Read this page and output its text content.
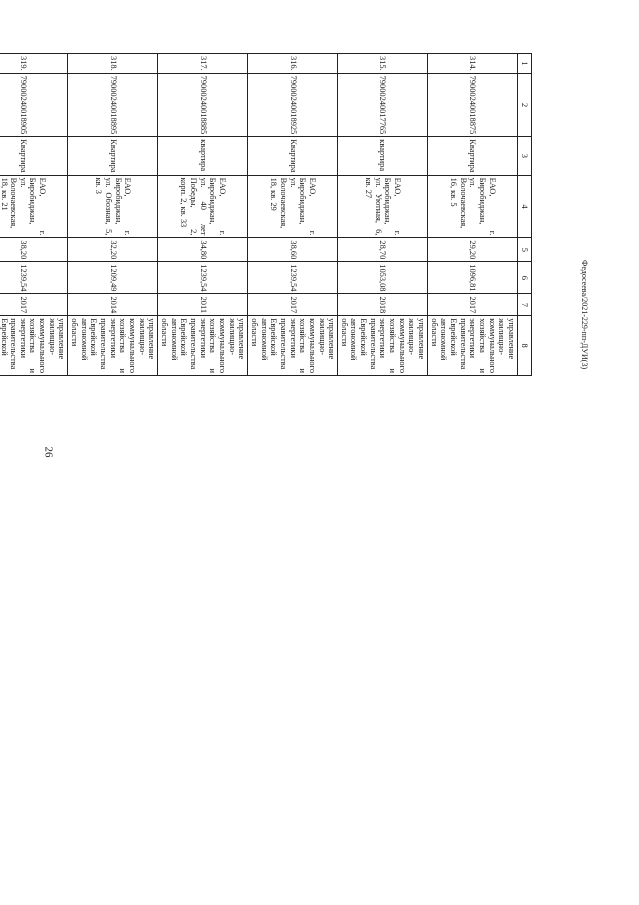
26
Федосеева/2021-229-пп-ДУИ(3)
1	2	3	4	5	6	7	8
314.	79000240018875	Квартира	ЕАО, г. Биробиджан, ул. Волочаевская, 16, кв. 5	29,20	1096,81	2017	управление жилищно-коммунального хозяйства и энергетики правительства Еврейской автономной области
315.	79000240017765	квартира	ЕАО, г. Биробиджан, ул. Уютная, 6, кв. 27	28,70	1053,08	2018	управление жилищно-коммунального хозяйства и энергетики правительства Еврейской автономной области
316.	79000240018925	Квартира	ЕАО, г. Биробиджан, ул. Волочаевская, 18, кв. 29	38,60	1239,54	2017	управление жилищно-коммунального хозяйства и энергетики правительства Еврейской автономной области
317.	79000240018885	квартира	ЕАО, г. Биробиджан, ул. 40 лет Победы, 2, корп. 2, кв. 33	34,80	1239,54	2011	управление жилищно-коммунального хозяйства и энергетики правительства Еврейской автономной области
318.	79000240018895	Квартира	ЕАО, г. Биробиджан, ул. Обозная, 5, кв. 3	32,20	1209,49	2014	управление жилищно-коммунального хозяйства и энергетики правительства Еврейской автономной области
319.	79000240018905	Квартира	ЕАО, г. Биробиджан, ул. Волочаевская, 18, кв. 21	38,20	1239,54	2017	управление жилищно-коммунального хозяйства и энергетики правительства Еврейской
